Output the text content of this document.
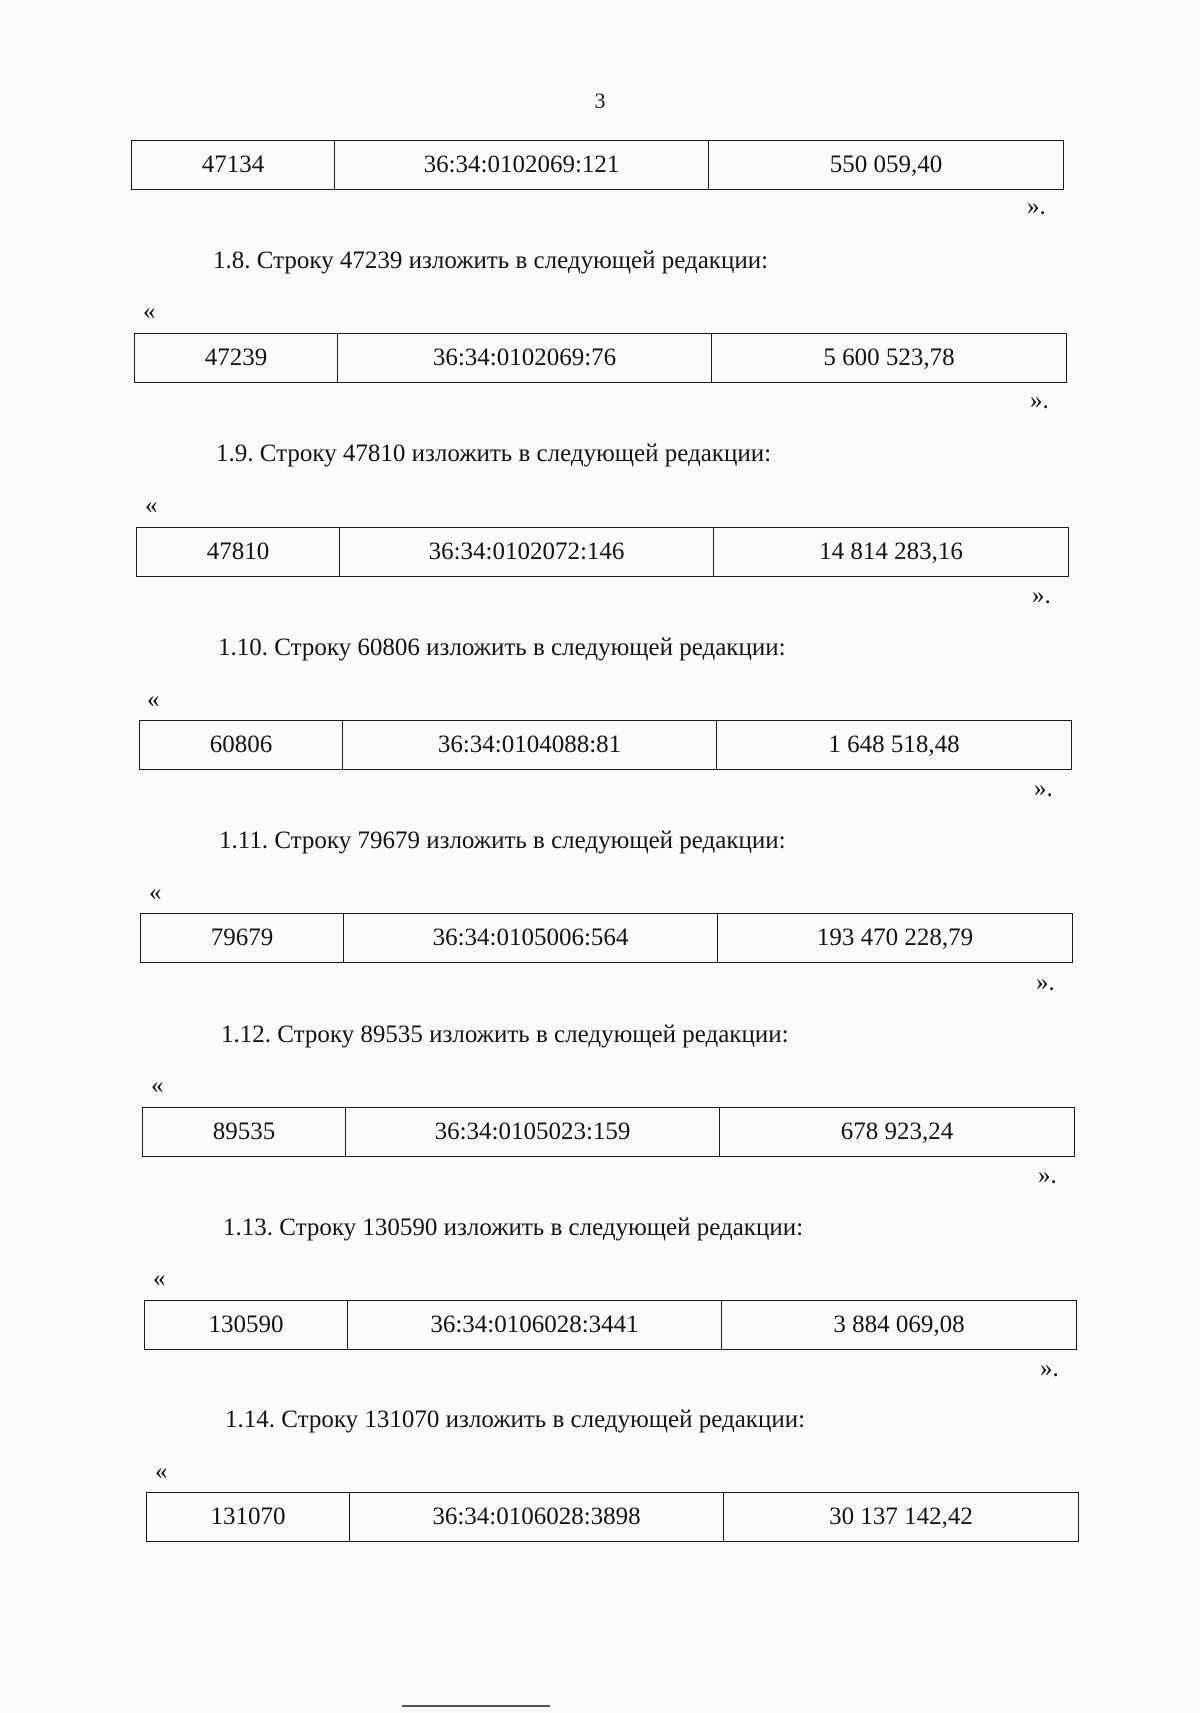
3
47134	36:34:0102069:121	550 059,40
».
1.8. Строку 47239 изложить в следующей редакции:
«
47239	36:34:0102069:76	5 600 523,78
».
1.9. Строку 47810 изложить в следующей редакции:
«
47810	36:34:0102072:146	14 814 283,16
».
1.10. Строку 60806 изложить в следующей редакции:
«
60806	36:34:0104088:81	1 648 518,48
».
1.11. Строку 79679 изложить в следующей редакции:
«
79679	36:34:0105006:564	193 470 228,79
».
1.12. Строку 89535 изложить в следующей редакции:
«
89535	36:34:0105023:159	678 923,24
».
1.13. Строку 130590 изложить в следующей редакции:
«
130590	36:34:0106028:3441	3 884 069,08
».
1.14. Строку 131070 изложить в следующей редакции:
«
131070	36:34:0106028:3898	30 137 142,42
